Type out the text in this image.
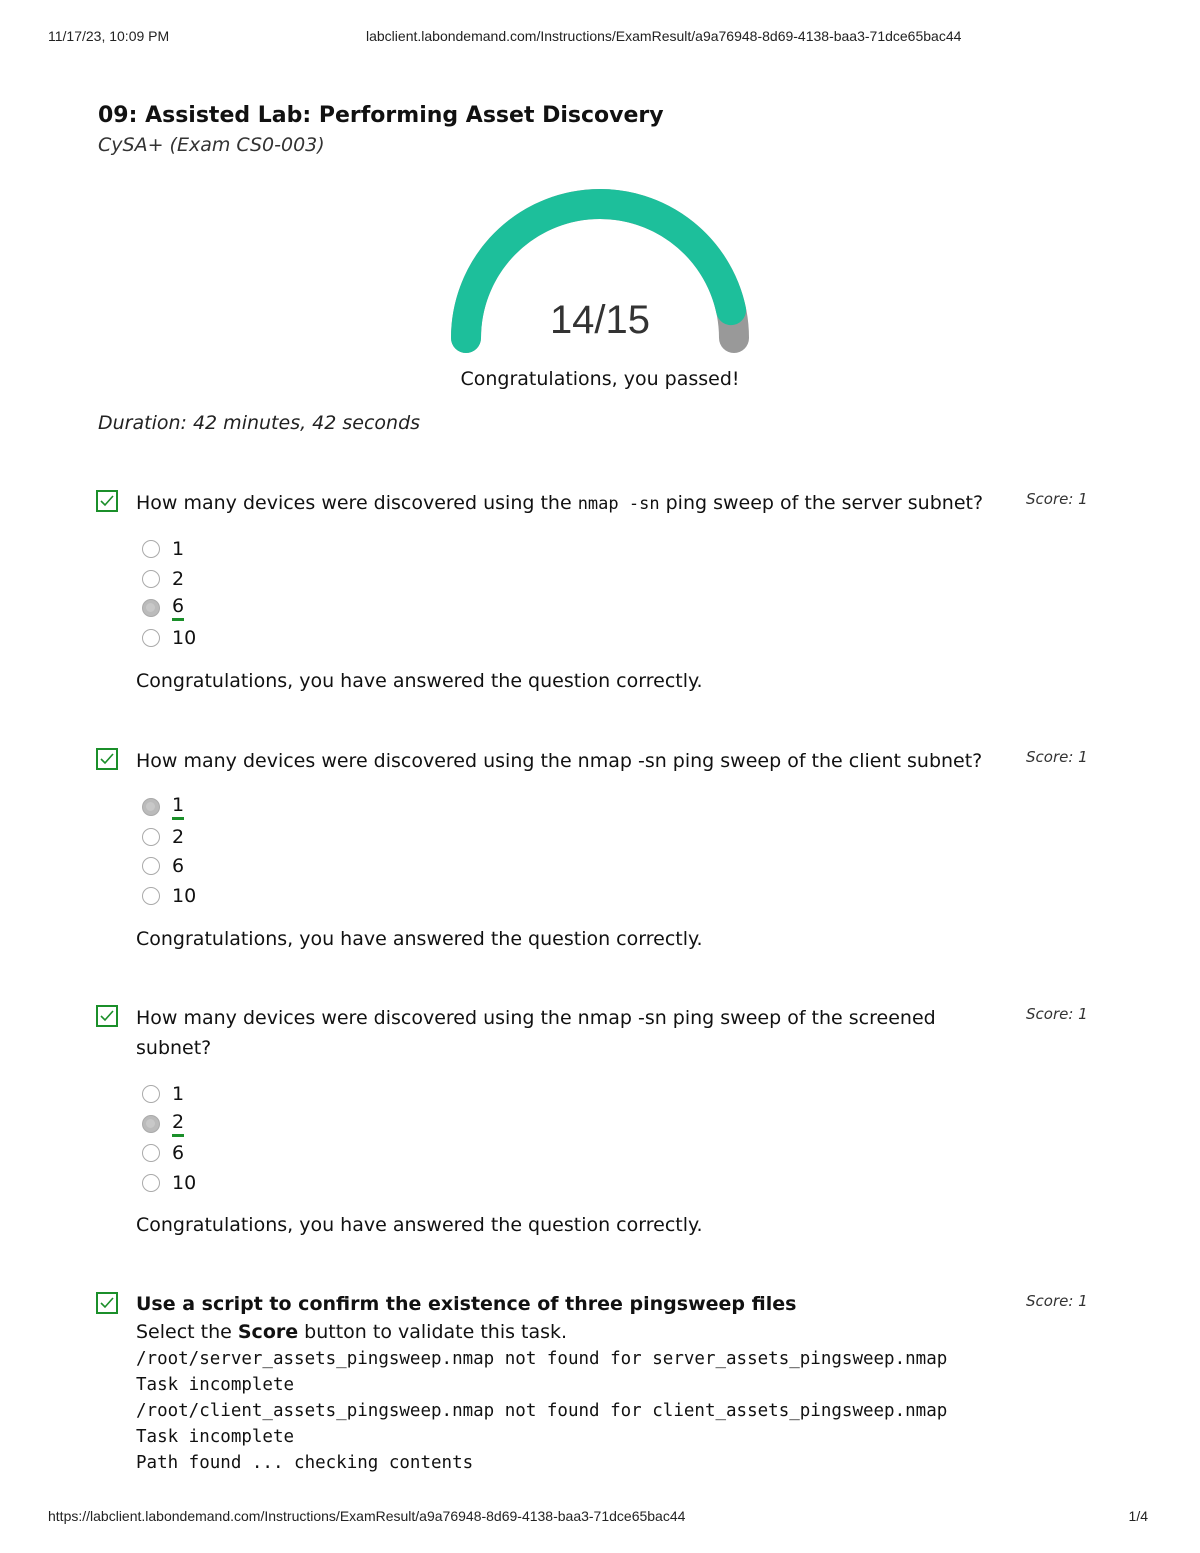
11/17/23, 10:09 PM	labclient.labondemand.com/Instructions/ExamResult/a9a76948-8d69-4138-baa3-71dce65bac44
09: Assisted Lab: Performing Asset Discovery

CySA+ (Exam CS0-003)

14/15
Congratulations, you passed!
Duration: 42 minutes, 42 seconds
How many devices were discovered using the nmap -sn ping sweep of the server subnet?	Score: 1
1
2
6
10
Congratulations, you have answered the question correctly.
How many devices were discovered using the nmap -sn ping sweep of the client subnet?	Score: 1
1
2
6
10
Congratulations, you have answered the question correctly.
How many devices were discovered using the nmap -sn ping sweep of the screened subnet?
Score: 1
1
2
6
10
Congratulations, you have answered the question correctly.
Score: 1
Use a script to confirm the existence of three pingsweep files
Select the Score button to validate this task.
/root/server_assets_pingsweep.nmap not found for server_assets_pingsweep.nmap
Task incomplete
/root/client_assets_pingsweep.nmap not found for client_assets_pingsweep.nmap
Task incomplete
Path found ... checking contents
https://labclient.labondemand.com/Instructions/ExamResult/a9a76948-8d69-4138-baa3-71dce65bac44	1/4
